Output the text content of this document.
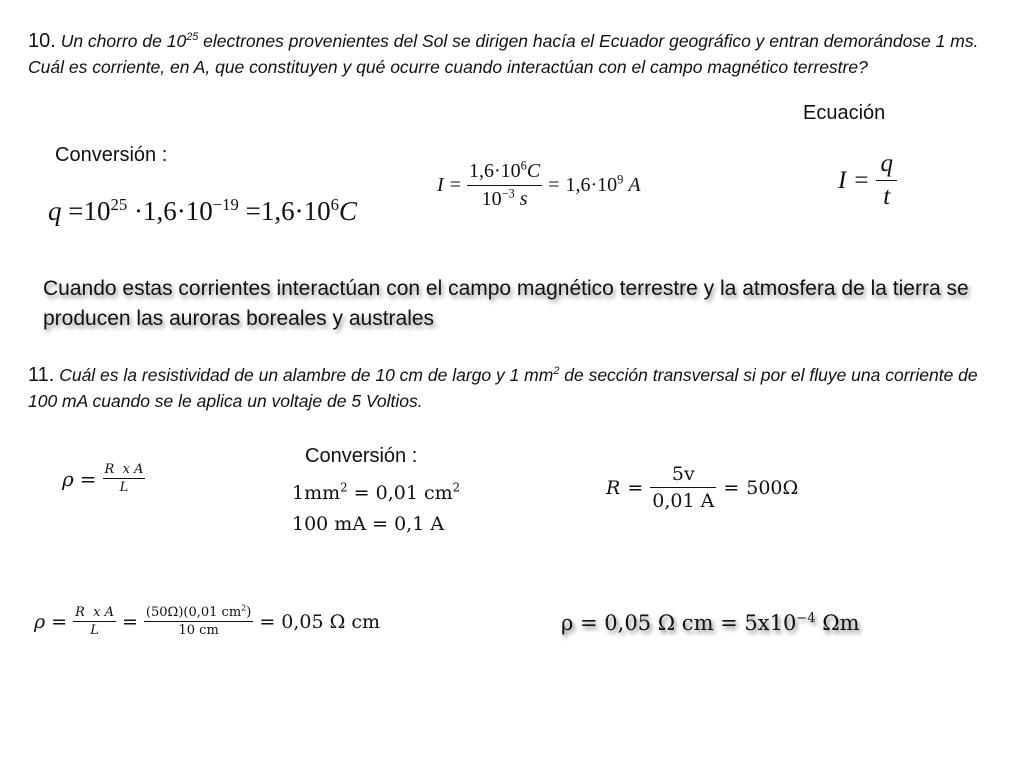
10. Un chorro de $10^{25}$ electrones provenientes del Sol se dirigen hacía el Ecuador geográfico y entran demorándose 1 ms. Cuál es corriente, en A, que constituyen y qué ocurre cuando interactúan con el campo magnético terrestre?
Ecuación
Conversión :
$q =10^{25} \cdot 1,6\cdot 10^{-19} =1,6\cdot 10^6C$
$I = \frac{1,6\cdot 10^6C}{10^{-3} s} = 1,6\cdot 10^9$ A	$I = \frac{q}{t}$
Cuando estas corrientes interactúan con el campo magnético terrestre y la atmosfera de la tierra se producen las auroras boreales y australes
11. Cuál es la resistividad de un alambre de 10 cm de largo y 1 $mm^2$ de sección transversal si por el fluye una corriente de 100 mA cuando se le aplica un voltaje de 5 Voltios.
Conversión :
$\rho = \frac{\text{R  x A}}{L}$	$1mm^2 = 0,01$ $cm^2$
100 mA = 0,1 A
$R = \frac{5v}{0,01 A} = 500\Omega$
$\rho = \frac{\text{R  x A}}{L} = \frac{(50\Omega)(0,01 cm^2)}{10 cm} = 0,05$ Ω cm	ρ = 0,05 Ω cm = $5x10^{-4}$ Ωm
